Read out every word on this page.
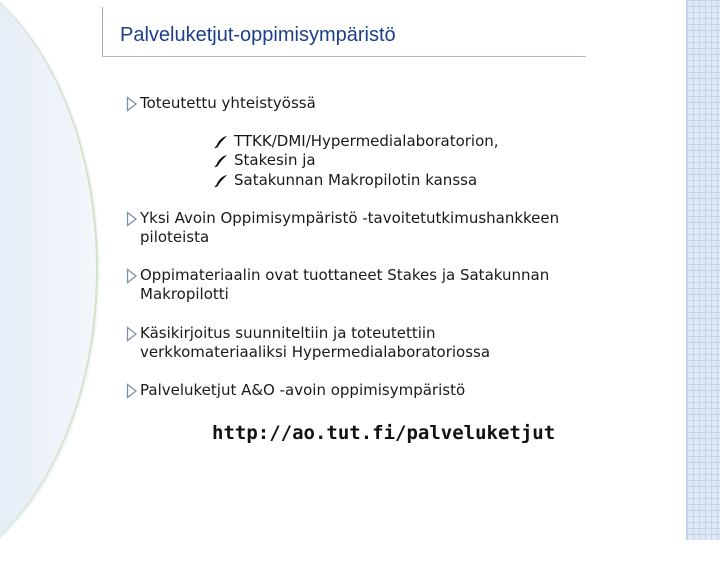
Palveluketjut-oppimisympäristö
Toteutettu yhteistyössä
TTKK/DMI/Hypermedialaboratorion,
Stakesin ja
Satakunnan Makropilotin kanssa
Yksi Avoin Oppimisympäristö -tavoitetutkimushankkeen
piloteista
Oppimateriaalin ovat tuottaneet Stakes ja Satakunnan
Makropilotti
Käsikirjoitus suunniteltiin ja toteutettiin
verkkomateriaaliksi Hypermedialaboratoriossa
Palveluketjut A&O -avoin oppimisympäristö
http://ao.tut.fi/palveluketjut
